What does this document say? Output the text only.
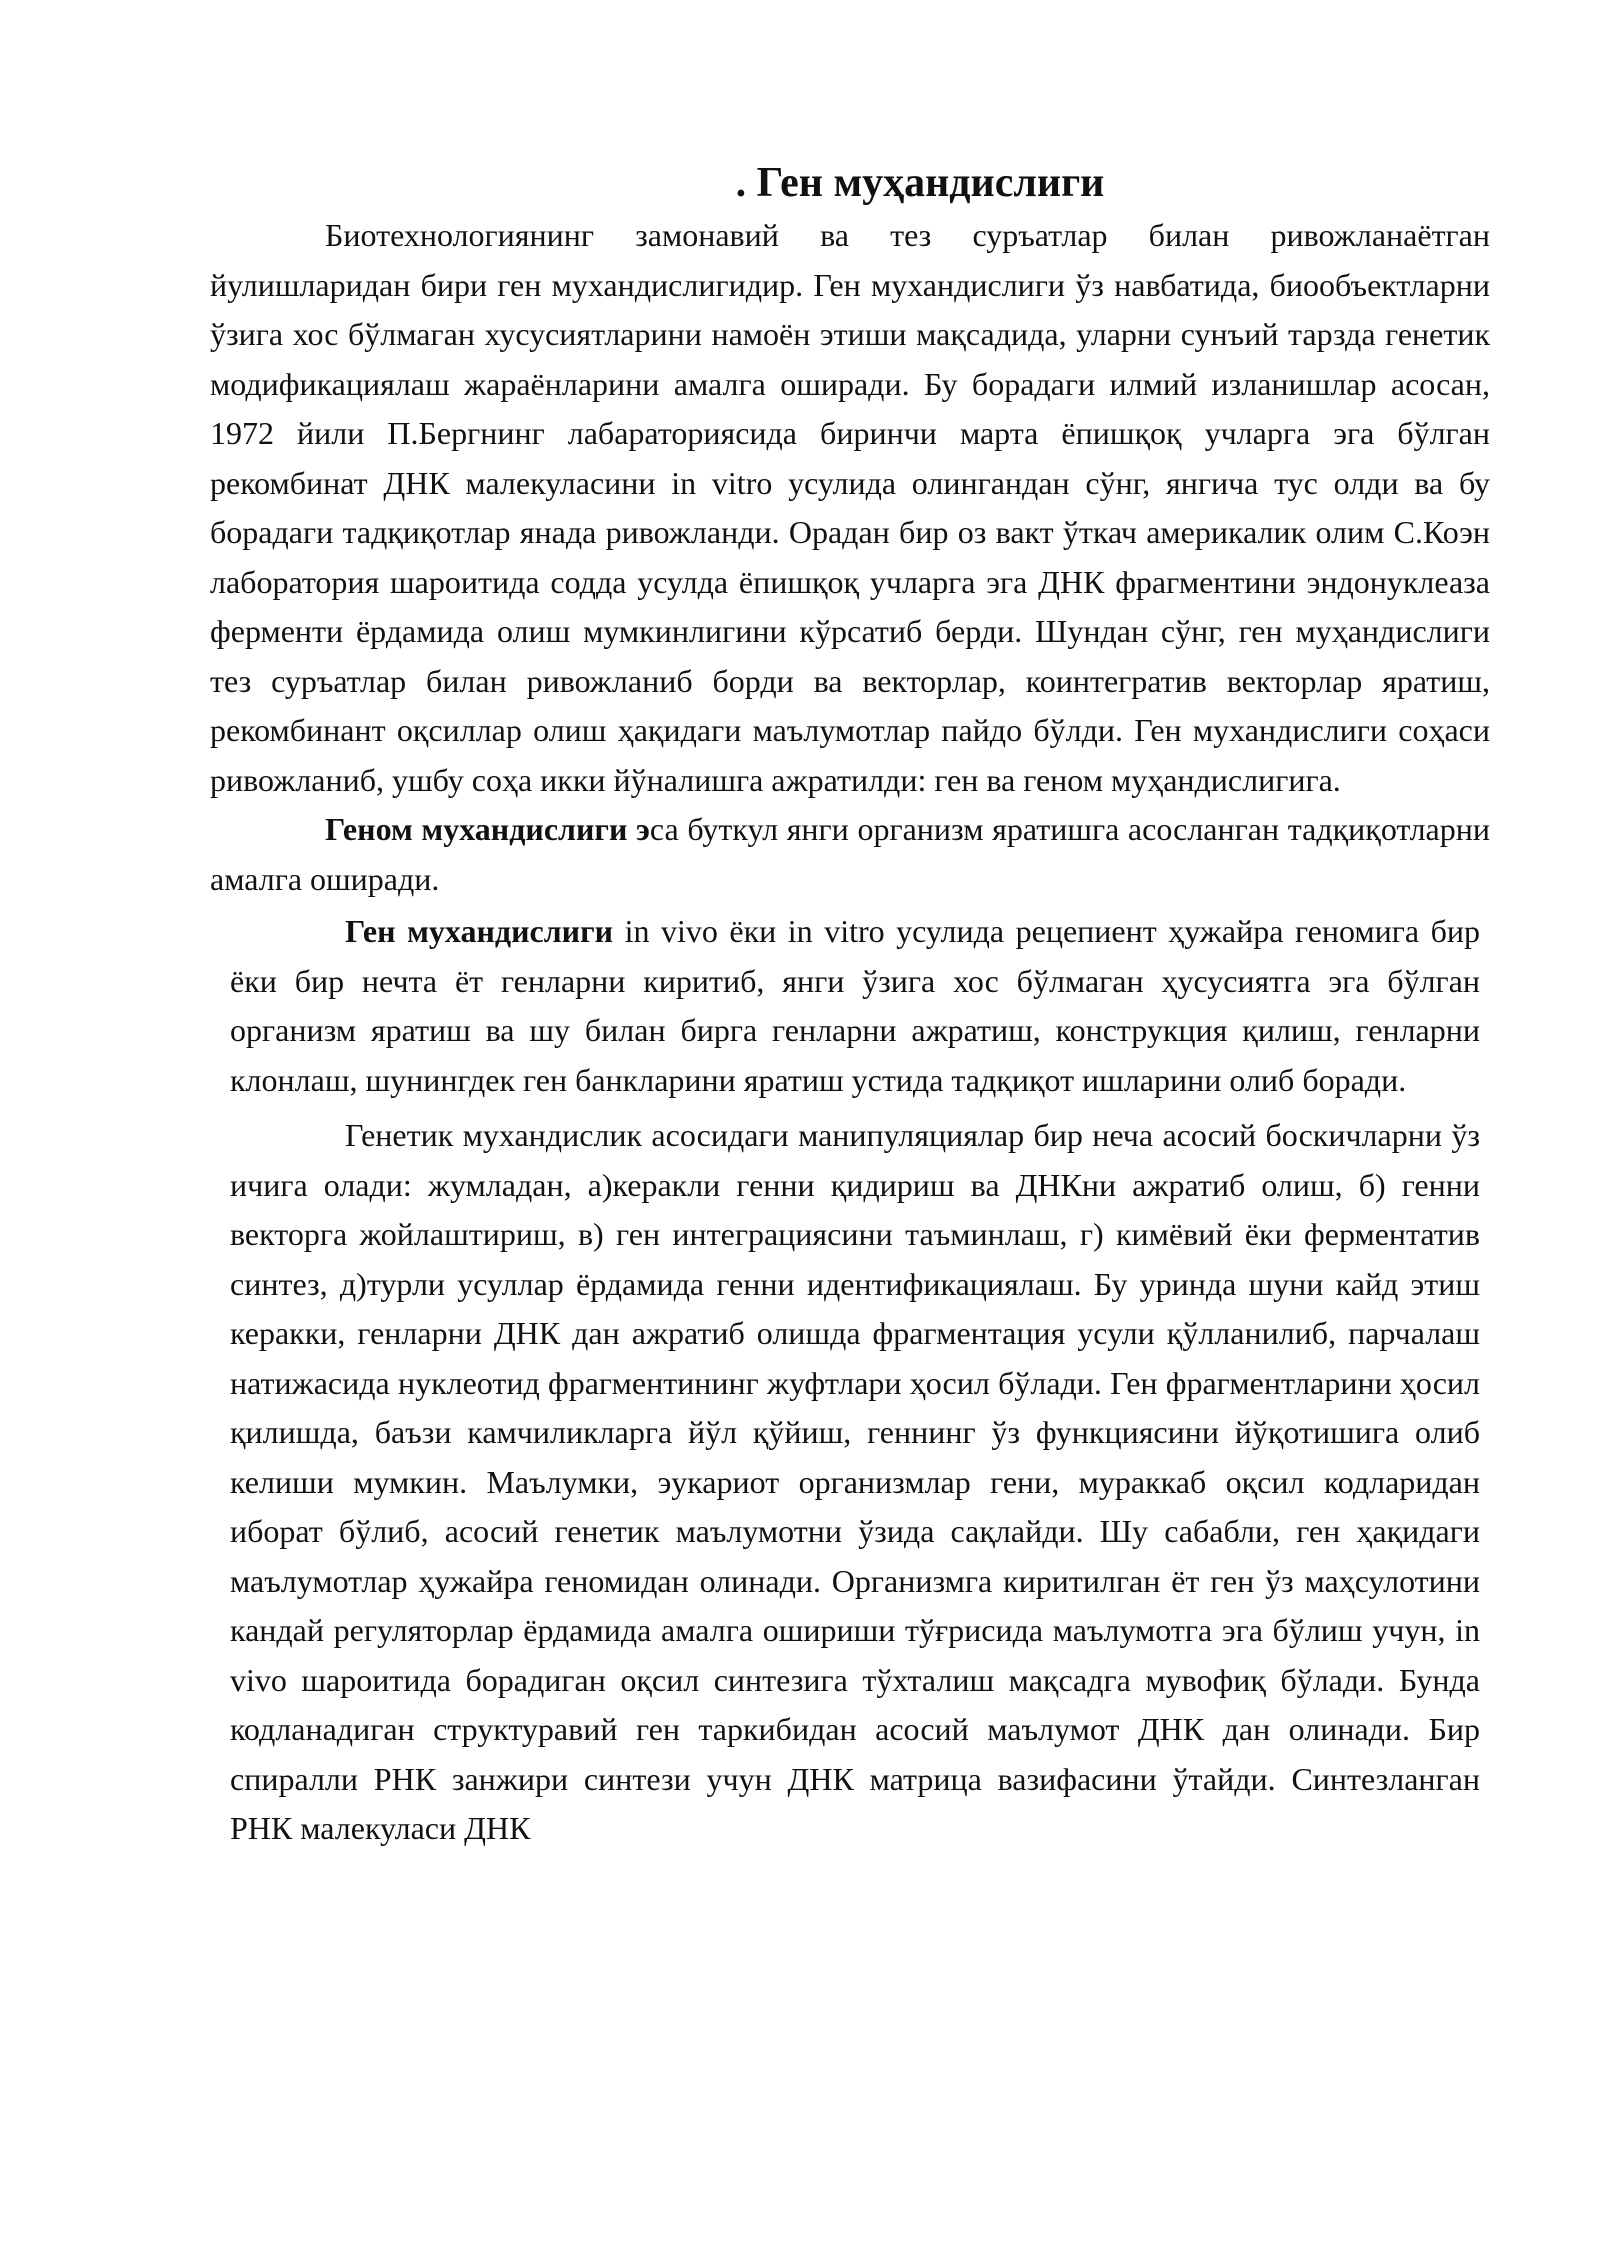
. Ген муҳандислиги

Биотехнологиянинг замонавий ва тез суръатлар билан ривожланаётган йулишларидан бири ген мухандислигидир. Ген мухандислиги ўз навбатида, биообъектларни ўзига хос бўлмаган хусусиятларини намоён этиши мақсадида, уларни сунъий тарзда генетик модификациялаш жараёнларини амалга оширади. Бу борадаги илмий изланишлар асосан, 1972 йили П.Бергнинг лабараториясида биринчи марта ёпишқоқ учларга эга бўлган рекомбинат ДНК малекуласини in vitro усулида олингандан сўнг, янгича тус олди ва бу борадаги тадқиқотлар янада ривожланди. Орадан бир оз вакт ўткач америкалик олим С.Коэн лаборатория шароитида содда усулда ёпишқоқ учларга эга ДНК фрагментини эндонуклеаза ферменти ёрдамида олиш мумкинлигини кўрсатиб берди. Шундан сўнг, ген муҳандислиги тез суръатлар билан ривожланиб борди ва векторлар, коинтегратив векторлар яратиш, рекомбинант оқсиллар олиш ҳақидаги маълумотлар пайдо бўлди. Ген мухандислиги соҳаси ривожланиб, ушбу соҳа икки йўналишга ажратилди: ген ва геном муҳандислигига.

Геном мухандислиги эса буткул янги организм яратишга асосланган тадқиқотларни амалга оширади.

Ген мухандислиги in vivo ёки in vitro усулида рецепиент ҳужайра геномига бир ёки бир нечта ёт генларни киритиб, янги ўзига хос бўлмаган ҳусусиятга эга бўлган организм яратиш ва шу билан бирга генларни ажратиш, конструкция қилиш, генларни клонлаш, шунингдек ген банкларини яратиш устида тадқиқот ишларини олиб боради.

Генетик мухандислик асосидаги манипуляциялар бир неча асосий боскичларни ўз ичига олади: жумладан, а)керакли генни қидириш ва ДНКни ажратиб олиш, б) генни векторга жойлаштириш, в) ген интеграциясини таъминлаш, г) кимёвий ёки ферментатив синтез, д)турли усуллар ёрдамида генни идентификациялаш. Бу уринда шуни кайд этиш керакки, генларни ДНК дан ажратиб олишда фрагментация усули қўлланилиб, парчалаш натижасида нуклеотид фрагментининг жуфтлари ҳосил бўлади. Ген фрагментларини ҳосил қилишда, баъзи камчиликларга йўл қўйиш, геннинг ўз функциясини йўқотишига олиб келиши мумкин. Маълумки, эукариот организмлар гени, мураккаб оқсил кодларидан иборат бўлиб, асосий генетик маълумотни ўзида сақлайди. Шу сабабли, ген ҳақидаги маълумотлар ҳужайра геномидан олинади. Организмга киритилган ёт ген ўз маҳсулотини кандай регуляторлар ёрдамида амалга ошириши тўғрисида маълумотга эга бўлиш учун, in vivo шароитида борадиган оқсил синтезига тўхталиш мақсадга мувофиқ бўлади. Бунда кодланадиган структуравий ген таркибидан асосий маълумот ДНК дан олинади. Бир спиралли РНК занжири синтези учун ДНК матрица вазифасини ўтайди. Синтезланган РНК малекуласи ДНК
